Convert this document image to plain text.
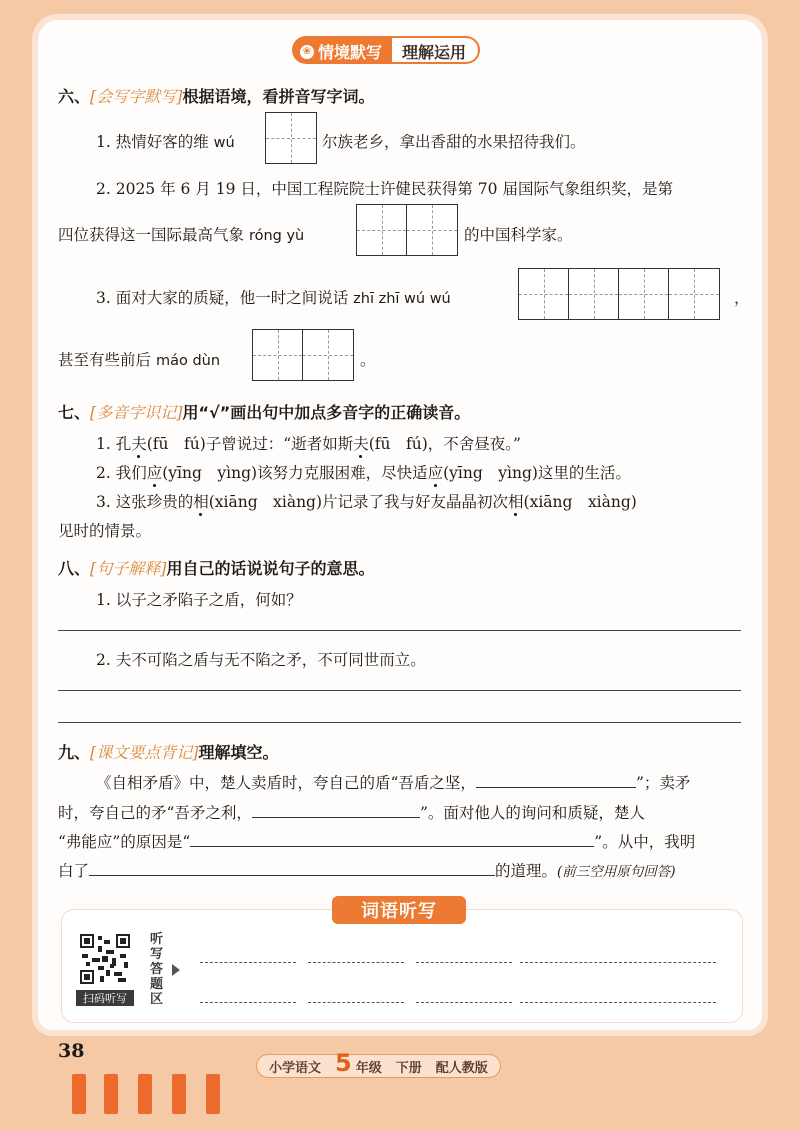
❀ 情境默写	理解运用
六、[会写字默写]根据语境，看拼音写字词。
1. 热情好客的维 wú	尔族老乡，拿出香甜的水果招待我们。
2. 2025 年 6 月 19 日，中国工程院院士许健民获得第 70 届国际气象组织奖，是第
四位获得这一国际最高气象 róng yù	的中国科学家。
3. 面对大家的质疑，他一时之间说话 zhī zhī wú wú	，
甚至有些前后 máo dùn	。
七、[多音字识记]用“√”画出句中加点多音字的正确读音。
1. 孔夫(fū　fú)子曾说过：“逝者如斯夫(fū　fú)，不舍昼夜。”
2. 我们应(yīng　yìng)该努力克服困难，尽快适应(yīng　yìng)这里的生活。
3. 这张珍贵的相(xiāng　xiàng)片记录了我与好友晶晶初次相(xiāng　xiàng)
见时的情景。
八、[句子解释]用自己的话说说句子的意思。
1. 以子之矛陷子之盾，何如？
2. 夫不可陷之盾与无不陷之矛，不可同世而立。
九、[课文要点背记]理解填空。
《自相矛盾》中，楚人卖盾时，夸自己的盾“吾盾之坚，	”；卖矛
时，夸自己的矛“吾矛之利，	”。面对他人的询问和质疑，楚人
“弗能应”的原因是“	”。从中，我明
白了	的道理。(前三空用原句回答)
词语听写
扫码听写
听写答题区
38
小学语文 5 年级 下册 配人教版
